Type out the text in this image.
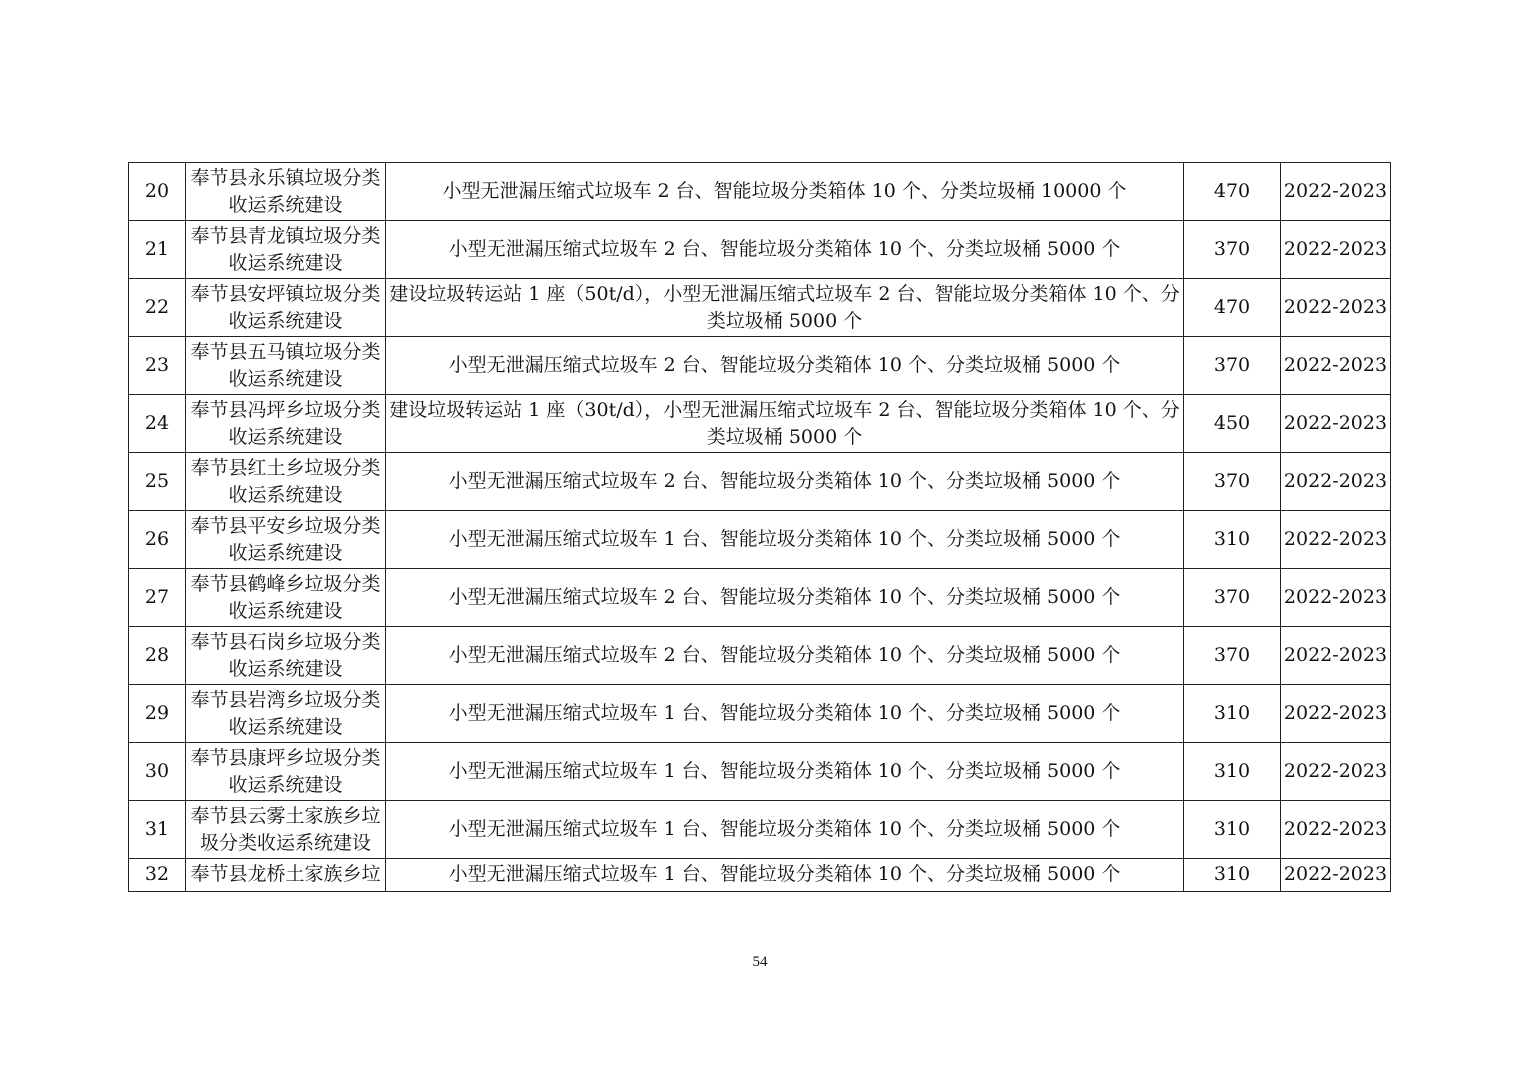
20	奉节县永乐镇垃圾分类收运系统建设	小型无泄漏压缩式垃圾车 2 台、智能垃圾分类箱体 10 个、分类垃圾桶 10000 个	470	2022-2023
21	奉节县青龙镇垃圾分类收运系统建设	小型无泄漏压缩式垃圾车 2 台、智能垃圾分类箱体 10 个、分类垃圾桶 5000 个	370	2022-2023
22	奉节县安坪镇垃圾分类收运系统建设	建设垃圾转运站 1 座（50t/d），小型无泄漏压缩式垃圾车 2 台、智能垃圾分类箱体 10 个、分类垃圾桶 5000 个	470	2022-2023
23	奉节县五马镇垃圾分类收运系统建设	小型无泄漏压缩式垃圾车 2 台、智能垃圾分类箱体 10 个、分类垃圾桶 5000 个	370	2022-2023
24	奉节县冯坪乡垃圾分类收运系统建设	建设垃圾转运站 1 座（30t/d），小型无泄漏压缩式垃圾车 2 台、智能垃圾分类箱体 10 个、分类垃圾桶 5000 个	450	2022-2023
25	奉节县红土乡垃圾分类收运系统建设	小型无泄漏压缩式垃圾车 2 台、智能垃圾分类箱体 10 个、分类垃圾桶 5000 个	370	2022-2023
26	奉节县平安乡垃圾分类收运系统建设	小型无泄漏压缩式垃圾车 1 台、智能垃圾分类箱体 10 个、分类垃圾桶 5000 个	310	2022-2023
27	奉节县鹤峰乡垃圾分类收运系统建设	小型无泄漏压缩式垃圾车 2 台、智能垃圾分类箱体 10 个、分类垃圾桶 5000 个	370	2022-2023
28	奉节县石岗乡垃圾分类收运系统建设	小型无泄漏压缩式垃圾车 2 台、智能垃圾分类箱体 10 个、分类垃圾桶 5000 个	370	2022-2023
29	奉节县岩湾乡垃圾分类收运系统建设	小型无泄漏压缩式垃圾车 1 台、智能垃圾分类箱体 10 个、分类垃圾桶 5000 个	310	2022-2023
30	奉节县康坪乡垃圾分类收运系统建设	小型无泄漏压缩式垃圾车 1 台、智能垃圾分类箱体 10 个、分类垃圾桶 5000 个	310	2022-2023
31	奉节县云雾土家族乡垃圾分类收运系统建设	小型无泄漏压缩式垃圾车 1 台、智能垃圾分类箱体 10 个、分类垃圾桶 5000 个	310	2022-2023
32	奉节县龙桥土家族乡垃	小型无泄漏压缩式垃圾车 1 台、智能垃圾分类箱体 10 个、分类垃圾桶 5000 个	310	2022-2023
54
